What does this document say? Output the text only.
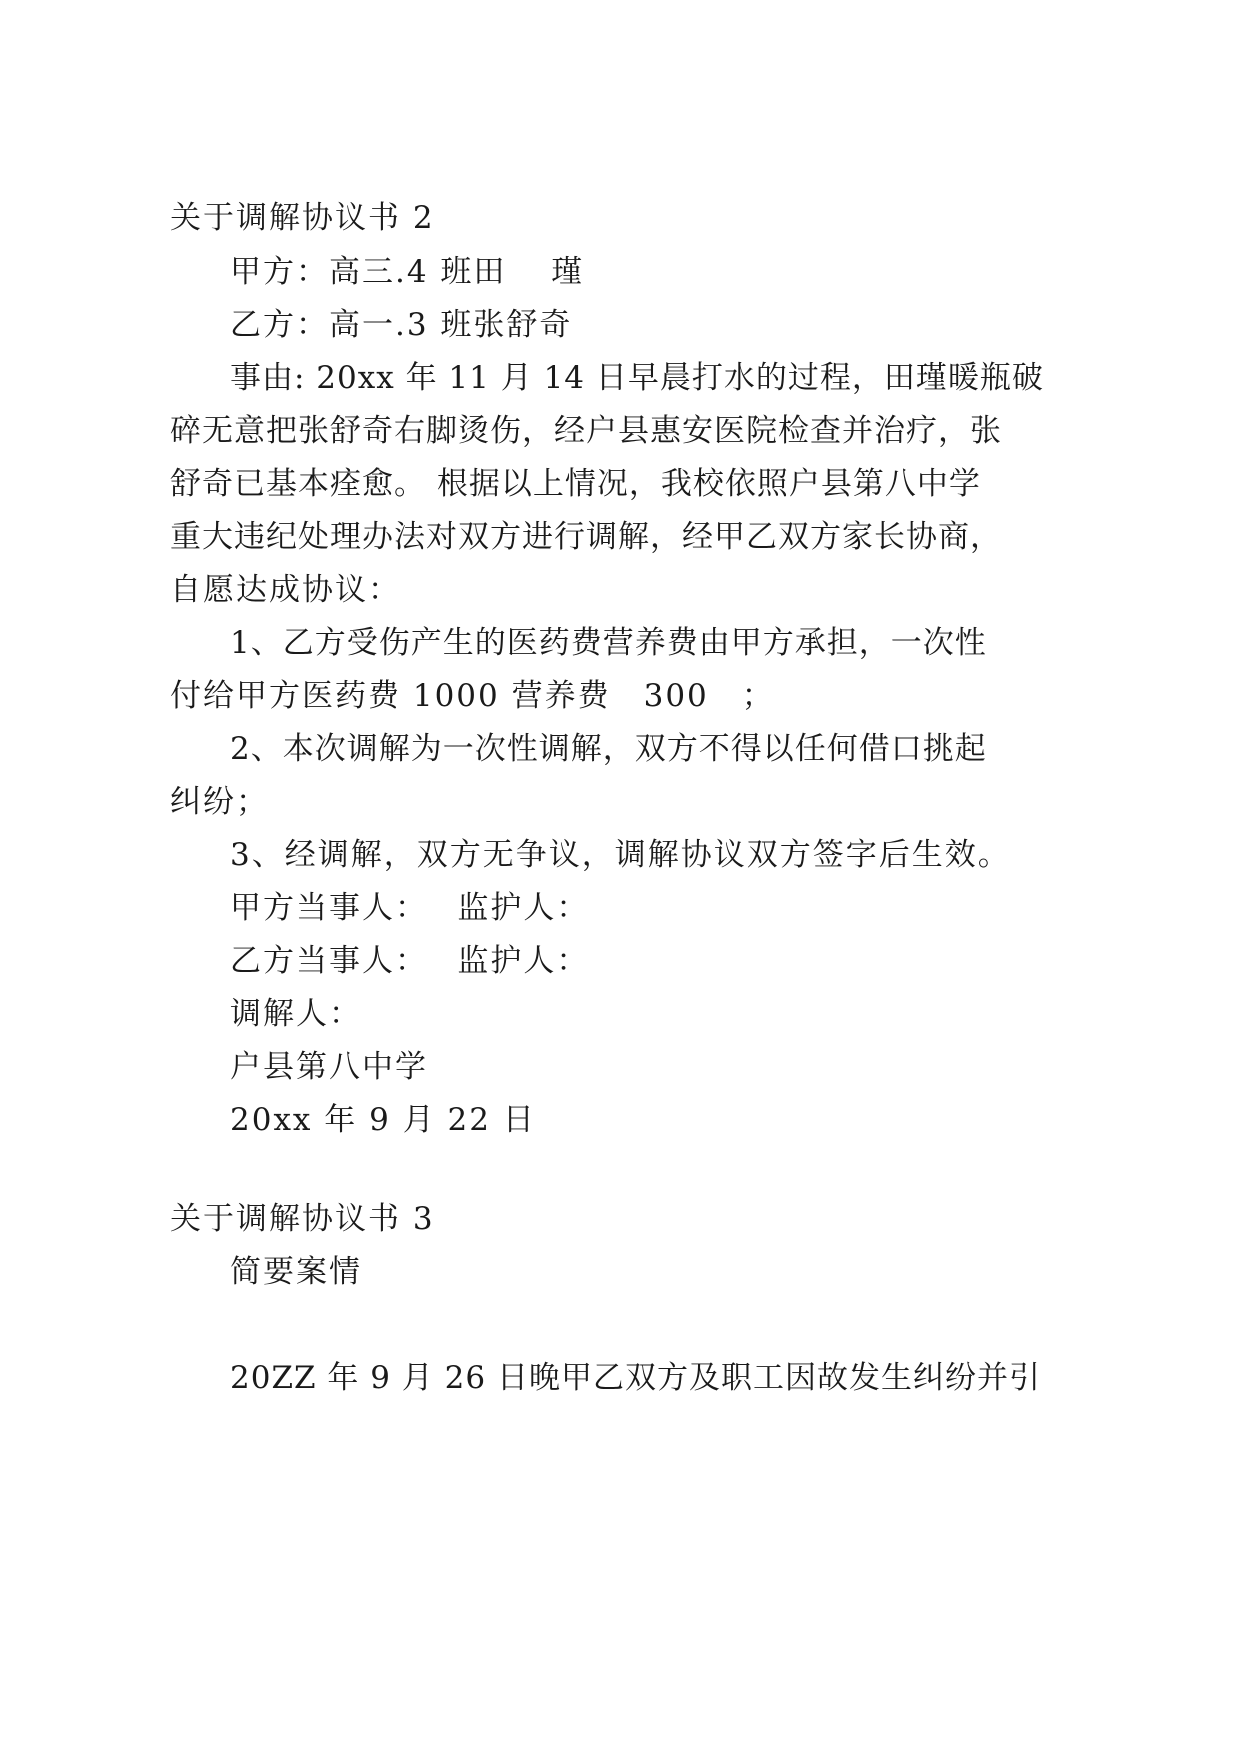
关于调解协议书 2
甲方：高三.4 班田　 瑾
乙方：高一.3 班张舒奇
事由: 20xx 年 11 月 14 日早晨打水的过程，田瑾暖瓶破
碎无意把张舒奇右脚烫伤，经户县惠安医院检查并治疗，张
舒奇已基本痊愈。 根据以上情况，我校依照户县第八中学
重大违纪处理办法对双方进行调解，经甲乙双方家长协商，
自愿达成协议：
1、乙方受伤产生的医药费营养费由甲方承担，一次性
付给甲方医药费 1000 营养费　300　；
2、本次调解为一次性调解，双方不得以任何借口挑起
纠纷；
3、经调解，双方无争议，调解协议双方签字后生效。
甲方当事人：　 监护人：
乙方当事人：　 监护人：
调解人：
户县第八中学
20xx 年 9 月 22 日
关于调解协议书 3
简要案情
20ZZ 年 9 月 26 日晚甲乙双方及职工因故发生纠纷并引
